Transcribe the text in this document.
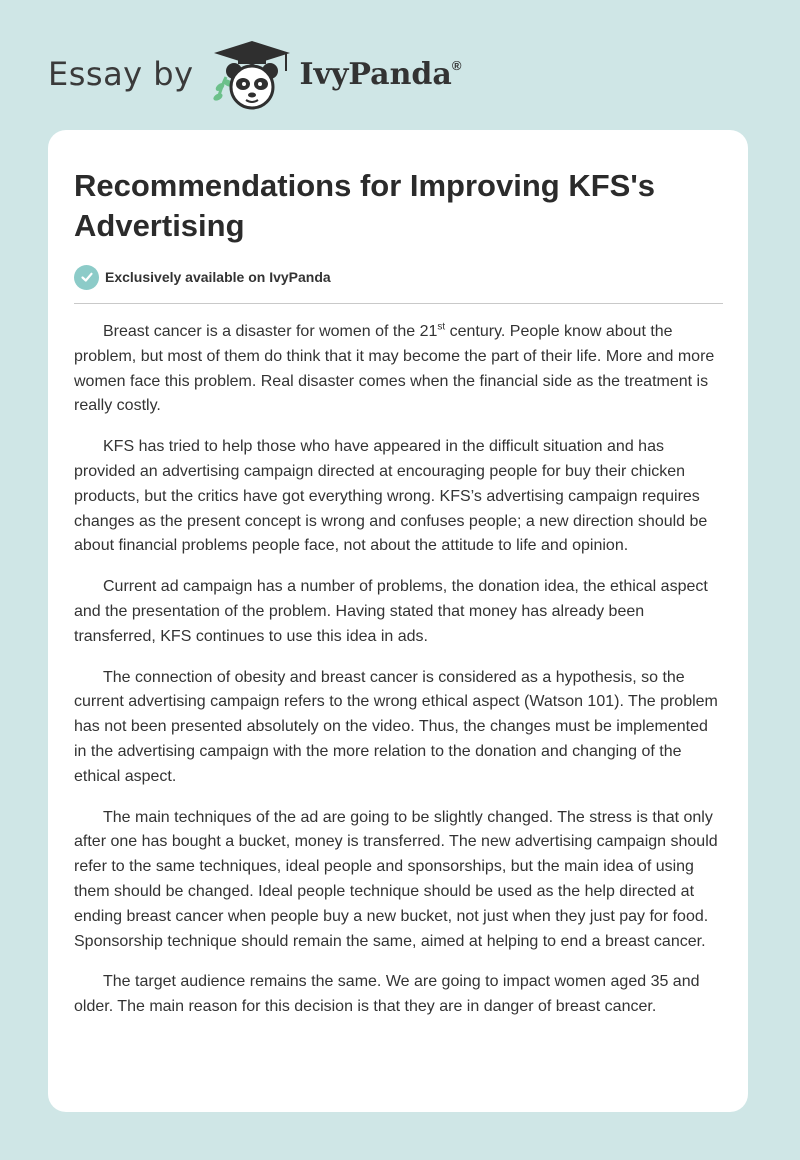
Essay by	IvyPanda®
Recommendations for Improving KFS's Advertising
Exclusively available on IvyPanda

Breast cancer is a disaster for women of the 21st century. People know about the problem, but most of them do think that it may become the part of their life. More and more women face this problem. Real disaster comes when the financial side as the treatment is really costly.

KFS has tried to help those who have appeared in the difficult situation and has provided an advertising campaign directed at encouraging people for buy their chicken products, but the critics have got everything wrong. KFS’s advertising campaign requires changes as the present concept is wrong and confuses people; a new direction should be about financial problems people face, not about the attitude to life and opinion.

Current ad campaign has a number of problems, the donation idea, the ethical aspect and the presentation of the problem. Having stated that money has already been transferred, KFS continues to use this idea in ads.

The connection of obesity and breast cancer is considered as a hypothesis, so the current advertising campaign refers to the wrong ethical aspect (Watson 101). The problem has not been presented absolutely on the video. Thus, the changes must be implemented in the advertising campaign with the more relation to the donation and changing of the ethical aspect.

The main techniques of the ad are going to be slightly changed. The stress is that only after one has bought a bucket, money is transferred. The new advertising campaign should refer to the same techniques, ideal people and sponsorships, but the main idea of using them should be changed. Ideal people technique should be used as the help directed at ending breast cancer when people buy a new bucket, not just when they just pay for food. Sponsorship technique should remain the same, aimed at helping to end a breast cancer.

The target audience remains the same. We are going to impact women aged 35 and older. The main reason for this decision is that they are in danger of breast cancer.
